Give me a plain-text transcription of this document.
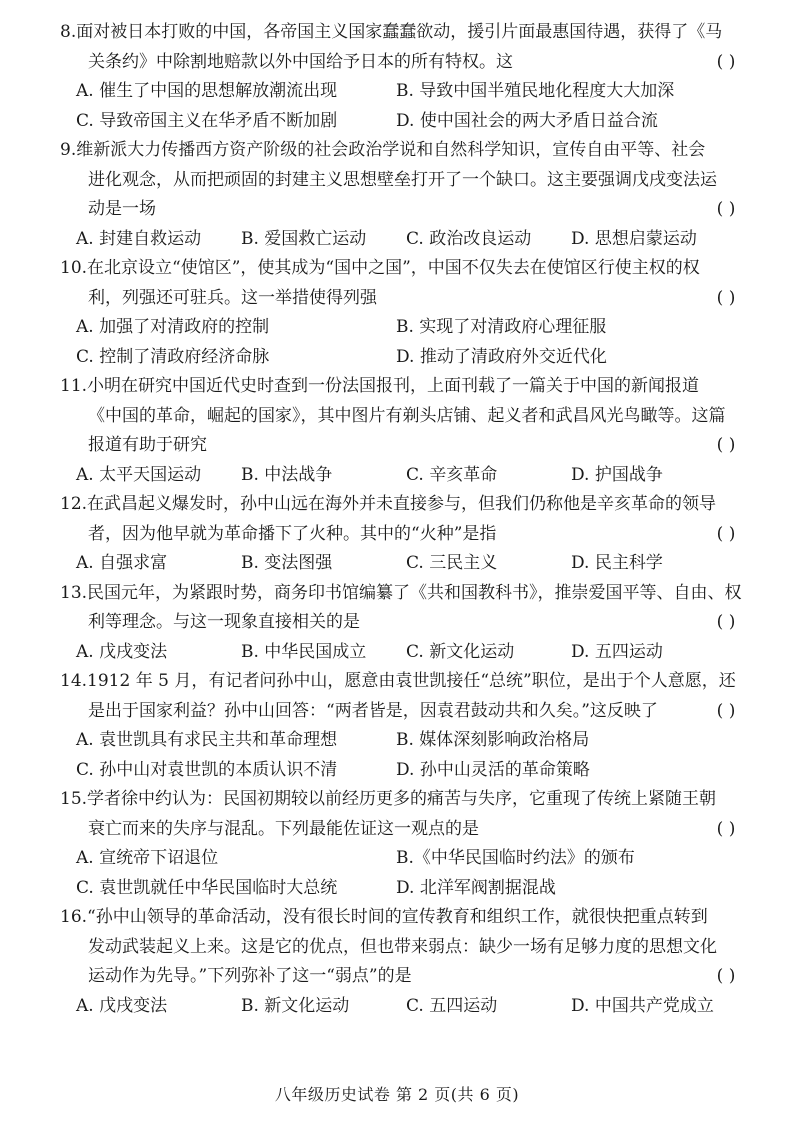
8.面对被日本打败的中国，各帝国主义国家蠢蠢欲动，援引片面最惠国待遇，获得了《马
关条约》中除割地赔款以外中国给予日本的所有特权。这	( )
A. 催生了中国的思想解放潮流出现	B. 导致中国半殖民地化程度大大加深
C. 导致帝国主义在华矛盾不断加剧	D. 使中国社会的两大矛盾日益合流
9.维新派大力传播西方资产阶级的社会政治学说和自然科学知识，宣传自由平等、社会
进化观念，从而把顽固的封建主义思想壁垒打开了一个缺口。这主要强调戊戌变法运
动是一场	( )
A. 封建自救运动	B. 爱国救亡运动	C. 政治改良运动	D. 思想启蒙运动
10.在北京设立“使馆区”，使其成为“国中之国”，中国不仅失去在使馆区行使主权的权
利，列强还可驻兵。这一举措使得列强	( )
A. 加强了对清政府的控制	B. 实现了对清政府心理征服
C. 控制了清政府经济命脉	D. 推动了清政府外交近代化
11.小明在研究中国近代史时查到一份法国报刊，上面刊载了一篇关于中国的新闻报道
《中国的革命，崛起的国家》，其中图片有剃头店铺、起义者和武昌风光鸟瞰等。这篇
报道有助于研究	( )
A. 太平天国运动	B. 中法战争	C. 辛亥革命	D. 护国战争
12.在武昌起义爆发时，孙中山远在海外并未直接参与，但我们仍称他是辛亥革命的领导
者，因为他早就为革命播下了火种。其中的“火种”是指	( )
A. 自强求富	B. 变法图强	C. 三民主义	D. 民主科学
13.民国元年，为紧跟时势，商务印书馆编纂了《共和国教科书》，推崇爱国平等、自由、权
利等理念。与这一现象直接相关的是	( )
A. 戊戌变法	B. 中华民国成立	C. 新文化运动	D. 五四运动
14.1912 年 5 月，有记者问孙中山，愿意由袁世凯接任“总统”职位，是出于个人意愿，还
是出于国家利益？孙中山回答：“两者皆是，因袁君鼓动共和久矣。”这反映了	( )
A. 袁世凯具有求民主共和革命理想	B. 媒体深刻影响政治格局
C. 孙中山对袁世凯的本质认识不清	D. 孙中山灵活的革命策略
15.学者徐中约认为：民国初期较以前经历更多的痛苦与失序，它重现了传统上紧随王朝
衰亡而来的失序与混乱。下列最能佐证这一观点的是	( )
A. 宣统帝下诏退位	B.《中华民国临时约法》的颁布
C. 袁世凯就任中华民国临时大总统	D. 北洋军阀割据混战
16.“孙中山领导的革命活动，没有很长时间的宣传教育和组织工作，就很快把重点转到
发动武装起义上来。这是它的优点，但也带来弱点：缺少一场有足够力度的思想文化
运动作为先导。”下列弥补了这一“弱点”的是	( )
A. 戊戌变法	B. 新文化运动	C. 五四运动	D. 中国共产党成立
八年级历史试卷 第 2 页(共 6 页)
